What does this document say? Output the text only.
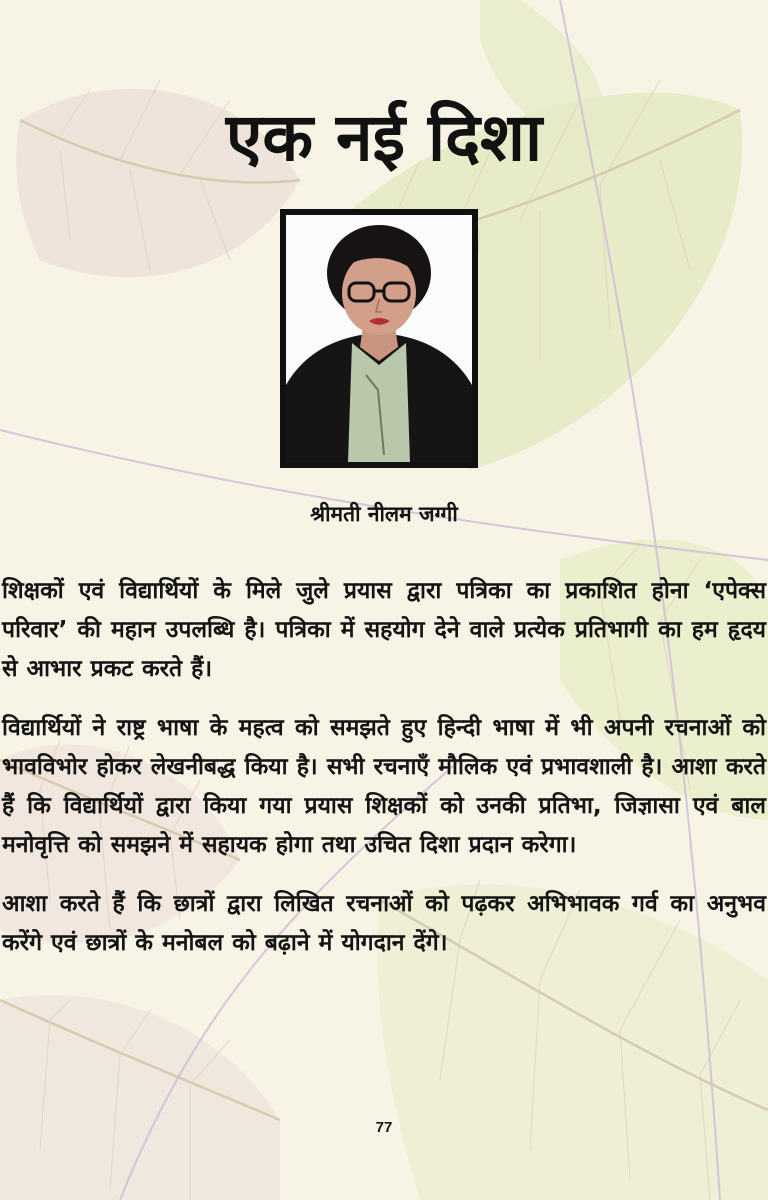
एक नई दिशा

श्रीमती नीलम जग्गी

शिक्षकों एवं विद्यार्थियों के मिले जुले प्रयास द्वारा पत्रिका का प्रकाशित होना ‘एपेक्स परिवार’ की महान उपलब्धि है। पत्रिका में सहयोग देने वाले प्रत्येक प्रतिभागी का हम हृदय से आभार प्रकट करते हैं।

विद्यार्थियों ने राष्ट्र भाषा के महत्व को समझते हुए हिन्दी भाषा में भी अपनी रचनाओं को भावविभोर होकर लेखनीबद्ध किया है। सभी रचनाएँ मौलिक एवं प्रभावशाली है। आशा करते हैं कि विद्यार्थियों द्वारा किया गया प्रयास शिक्षकों को उनकी प्रतिभा, जिज्ञासा एवं बाल मनोवृत्ति को समझने में सहायक होगा तथा उचित दिशा प्रदान करेगा।

आशा करते हैं कि छात्रों द्वारा लिखित रचनाओं को पढ़कर अभिभावक गर्व का अनुभव करेंगे एवं छात्रों के मनोबल को बढ़ाने में योगदान देंगे।

77
